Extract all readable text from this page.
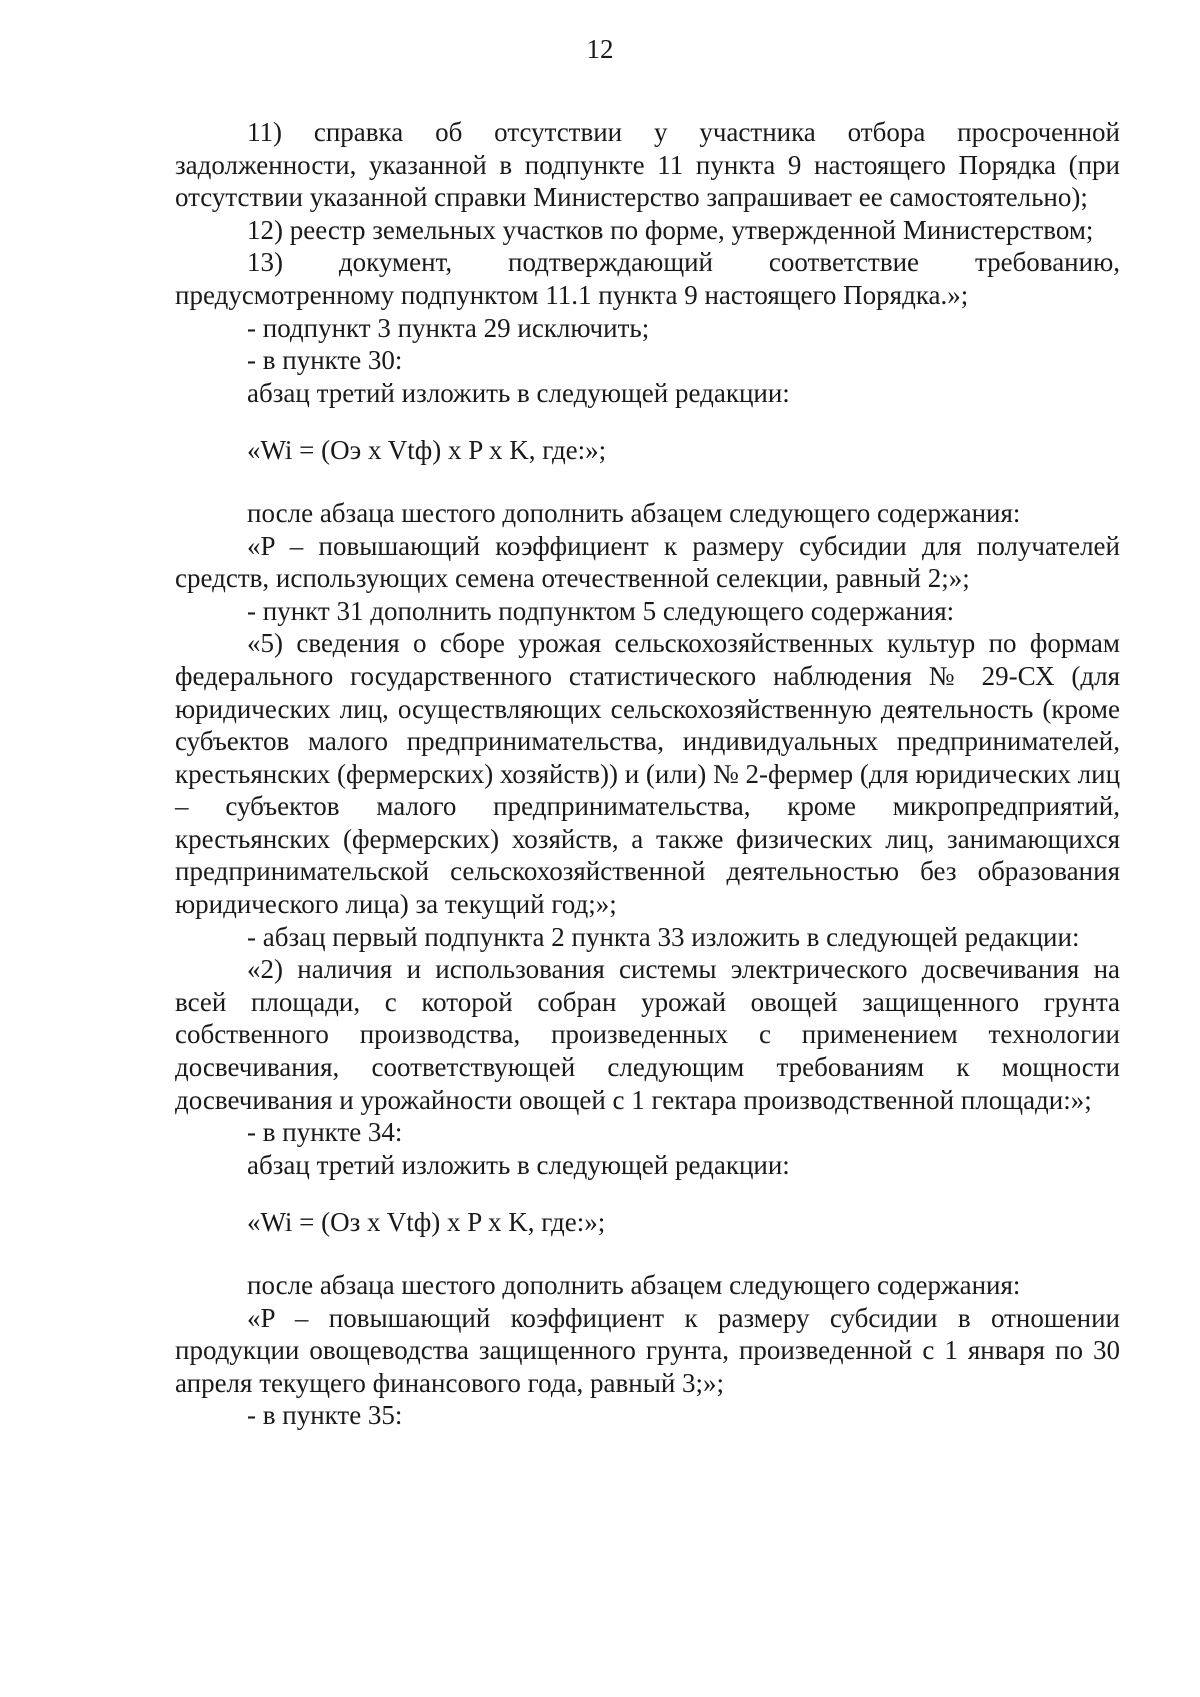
12

11) справка об отсутствии у участника отбора просроченной задолженности, указанной в подпункте 11 пункта 9 настоящего Порядка (при отсутствии указанной справки Министерство запрашивает ее самостоятельно);

12) реестр земельных участков по форме, утвержденной Министерством;

13) документ, подтверждающий соответствие требованию, предусмотренному подпунктом 11.1 пункта 9 настоящего Порядка.»;

- подпункт 3 пункта 29 исключить;

- в пункте 30:

абзац третий изложить в следующей редакции:

«Wi = (Оэ x Vtф) x P x K, где:»;

после абзаца шестого дополнить абзацем следующего содержания:

«P – повышающий коэффициент к размеру субсидии для получателей средств, использующих семена отечественной селекции, равный 2;»;

- пункт 31 дополнить подпунктом 5 следующего содержания:

«5) сведения о сборе урожая сельскохозяйственных культур по формам федерального государственного статистического наблюдения № 29-СХ (для юридических лиц, осуществляющих сельскохозяйственную деятельность (кроме субъектов малого предпринимательства, индивидуальных предпринимателей, крестьянских (фермерских) хозяйств)) и (или) № 2-фермер (для юридических лиц – субъектов малого предпринимательства, кроме микропредприятий, крестьянских (фермерских) хозяйств, а также физических лиц, занимающихся предпринимательской сельскохозяйственной деятельностью без образования юридического лица) за текущий год;»;

- абзац первый подпункта 2 пункта 33 изложить в следующей редакции:

«2) наличия и использования системы электрического досвечивания на всей площади, с которой собран урожай овощей защищенного грунта собственного производства, произведенных с применением технологии досвечивания, соответствующей следующим требованиям к мощности досвечивания и урожайности овощей с 1 гектара производственной площади:»;

- в пункте 34:

абзац третий изложить в следующей редакции:

«Wi = (Оз x Vtф) x P x K, где:»;

после абзаца шестого дополнить абзацем следующего содержания:

«P – повышающий коэффициент к размеру субсидии в отношении продукции овощеводства защищенного грунта, произведенной с 1 января по 30 апреля текущего финансового года, равный 3;»;

- в пункте 35:
